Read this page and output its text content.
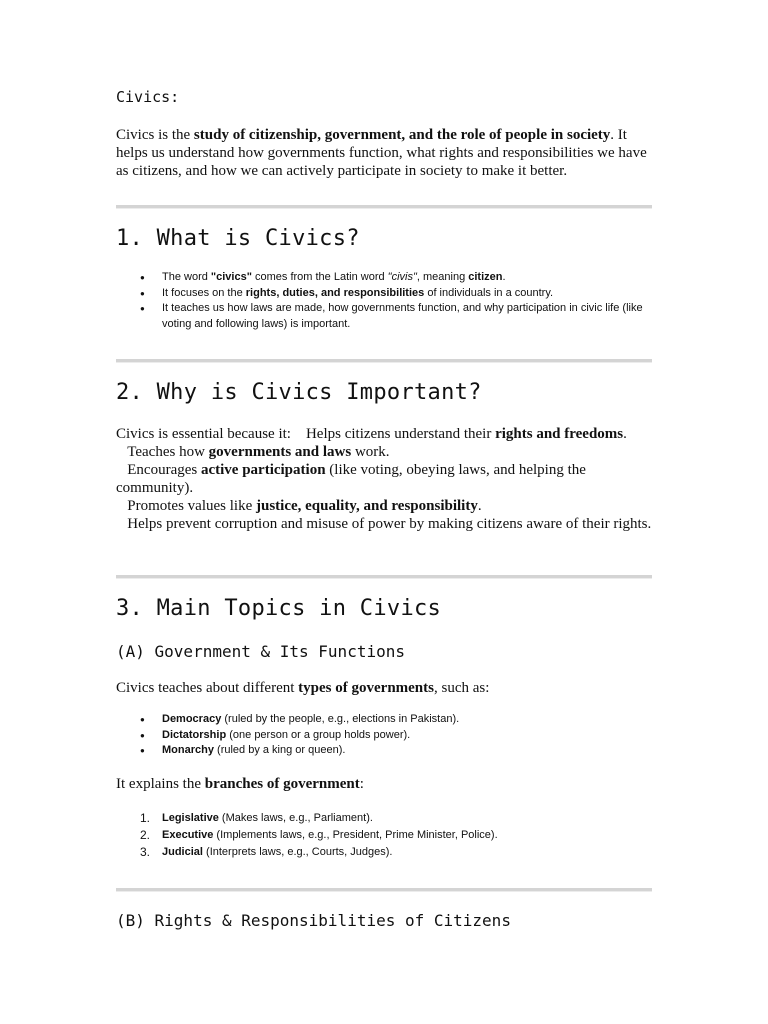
Civics:

Civics is the study of citizenship, government, and the role of people in society. It helps us understand how governments function, what rights and responsibilities we have as citizens, and how we can actively participate in society to make it better.

1. What is Civics?
● The word "civics" comes from the Latin word "civis", meaning citizen.
● It focuses on the rights, duties, and responsibilities of individuals in a country.
● It teaches us how laws are made, how governments function, and why participation in civic life (like voting and following laws) is important.
2. Why is Civics Important?
Civics is essential because it:    Helps citizens understand their rights and freedoms.
Teaches how governments and laws work.
Encourages active participation (like voting, obeying laws, and helping the community).
Promotes values like justice, equality, and responsibility.
Helps prevent corruption and misuse of power by making citizens aware of their rights.
3. Main Topics in Civics
(A) Government & Its Functions

Civics teaches about different types of governments, such as:

● Democracy (ruled by the people, e.g., elections in Pakistan).
● Dictatorship (one person or a group holds power).
● Monarchy (ruled by a king or queen).

It explains the branches of government:

1. Legislative (Makes laws, e.g., Parliament).
2. Executive (Implements laws, e.g., President, Prime Minister, Police).
3. Judicial (Interprets laws, e.g., Courts, Judges).
(B) Rights & Responsibilities of Citizens
